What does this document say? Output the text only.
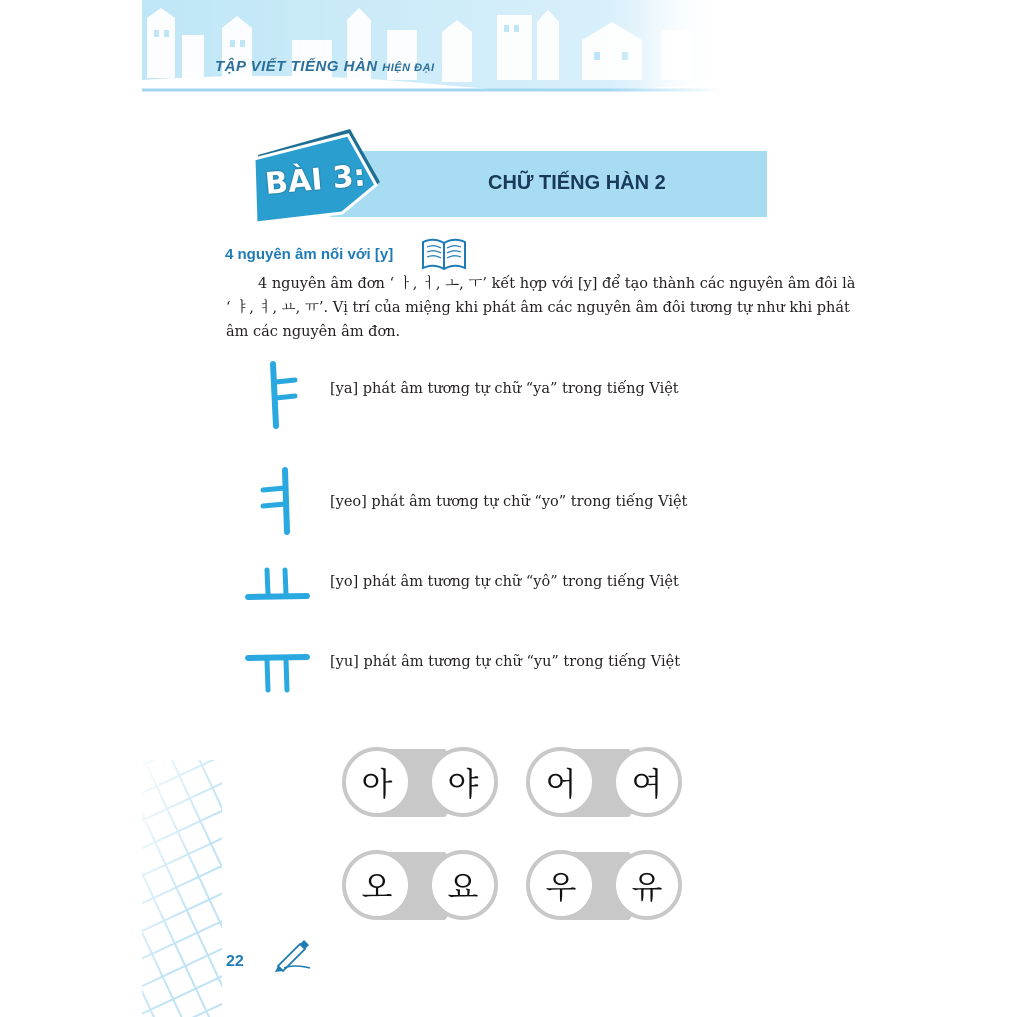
TẬP VIẾT TIẾNG HÀN HIỆN ĐẠI
BÀI 3:	CHỮ TIẾNG HÀN 2
4 nguyên âm nối với [y]
4 nguyên âm đơn ‘ ㅏ, ㅓ, ㅗ, ㅜ’ kết hợp với [y] để tạo thành các nguyên âm đôi là
‘ ㅑ, ㅕ, ㅛ, ㅠ’. Vị trí của miệng khi phát âm các nguyên âm đôi tương tự như khi phát
âm các nguyên âm đơn.
[ya] phát âm tương tự chữ “ya” trong tiếng Việt
[yeo] phát âm tương tự chữ “yo” trong tiếng Việt
[yo] phát âm tương tự chữ “yô” trong tiếng Việt
[yu] phát âm tương tự chữ “yu” trong tiếng Việt
아	야	어	여
오	요	우	유
22
